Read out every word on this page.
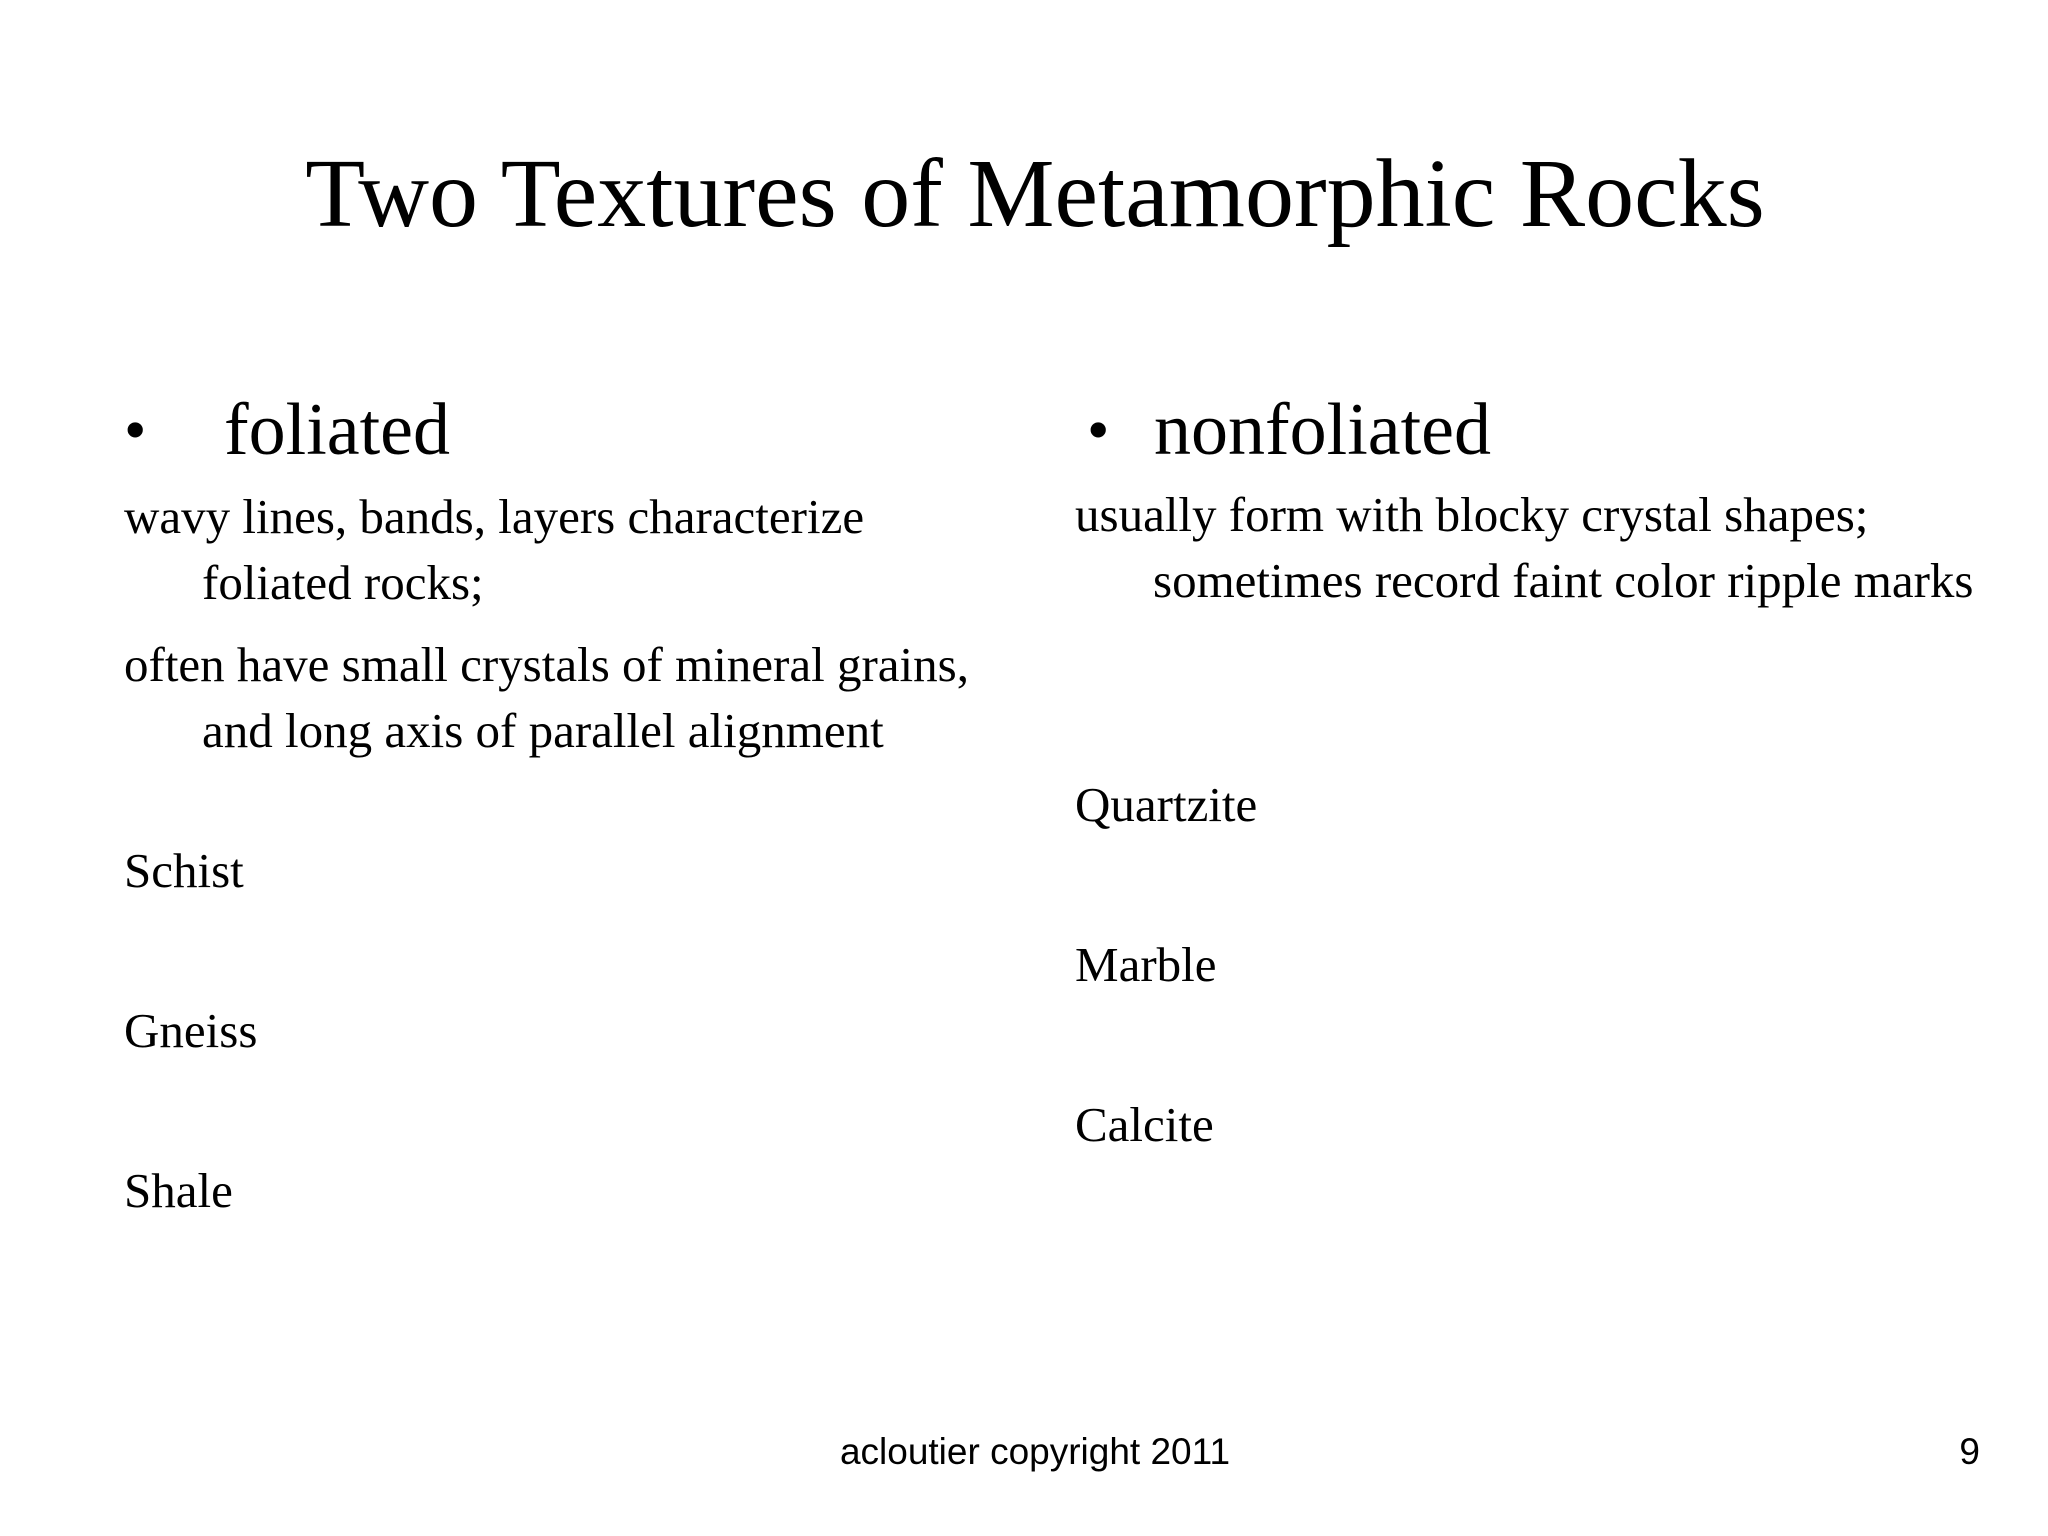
Two Textures of Metamorphic Rocks
• foliated

wavy lines, bands, layers characterize foliated rocks;

often have small crystals of mineral grains, and long axis of parallel alignment

Schist
Gneiss
Shale
• nonfoliated

usually form with blocky crystal shapes; sometimes record faint color ripple marks

Quartzite
Marble
Calcite
acloutier copyright 2011	9
